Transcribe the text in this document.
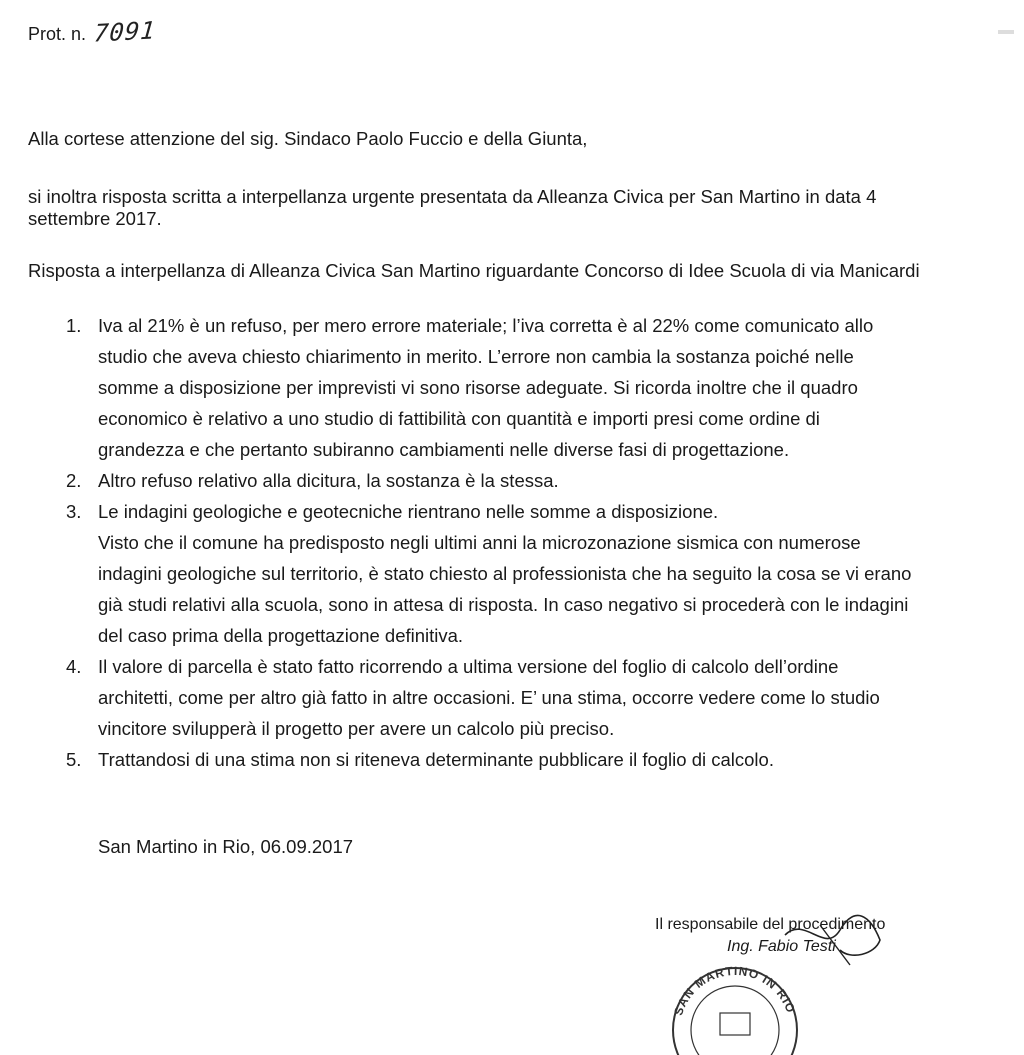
Prot. n. 7091
Alla cortese attenzione del sig. Sindaco Paolo Fuccio e della Giunta,
si inoltra risposta scritta a interpellanza urgente presentata da Alleanza Civica per San Martino in data 4
settembre 2017.
Risposta a interpellanza di Alleanza Civica San Martino riguardante Concorso di Idee Scuola di via Manicardi
1. Iva al 21% è un refuso, per mero errore materiale; l’iva corretta è al 22% come comunicato allo
studio che aveva chiesto chiarimento in merito. L’errore non cambia la sostanza poiché nelle
somme a disposizione per imprevisti vi sono risorse adeguate. Si ricorda inoltre che il quadro
economico è relativo a uno studio di fattibilità con quantità e importi presi come ordine di
grandezza e che pertanto subiranno cambiamenti nelle diverse fasi di progettazione.
2. Altro refuso relativo alla dicitura, la sostanza è la stessa.
3. Le indagini geologiche e geotecniche rientrano nelle somme a disposizione.
Visto che il comune ha predisposto negli ultimi anni la microzonazione sismica con numerose
indagini geologiche sul territorio, è stato chiesto al professionista che ha seguito la cosa se vi erano
già studi relativi alla scuola, sono in attesa di risposta. In caso negativo si procederà con le indagini
del caso prima della progettazione definitiva.
4. Il valore di parcella è stato fatto ricorrendo a ultima versione del foglio di calcolo dell’ordine
architetti, come per altro già fatto in altre occasioni. E’ una stima, occorre vedere come lo studio
vincitore svilupperà il progetto per avere un calcolo più preciso.
5. Trattandosi di una stima non si riteneva determinante pubblicare il foglio di calcolo.
San Martino in Rio, 06.09.2017
Il responsabile del procedimento
Ing. Fabio Testi
SAN MARTINO IN RIO
